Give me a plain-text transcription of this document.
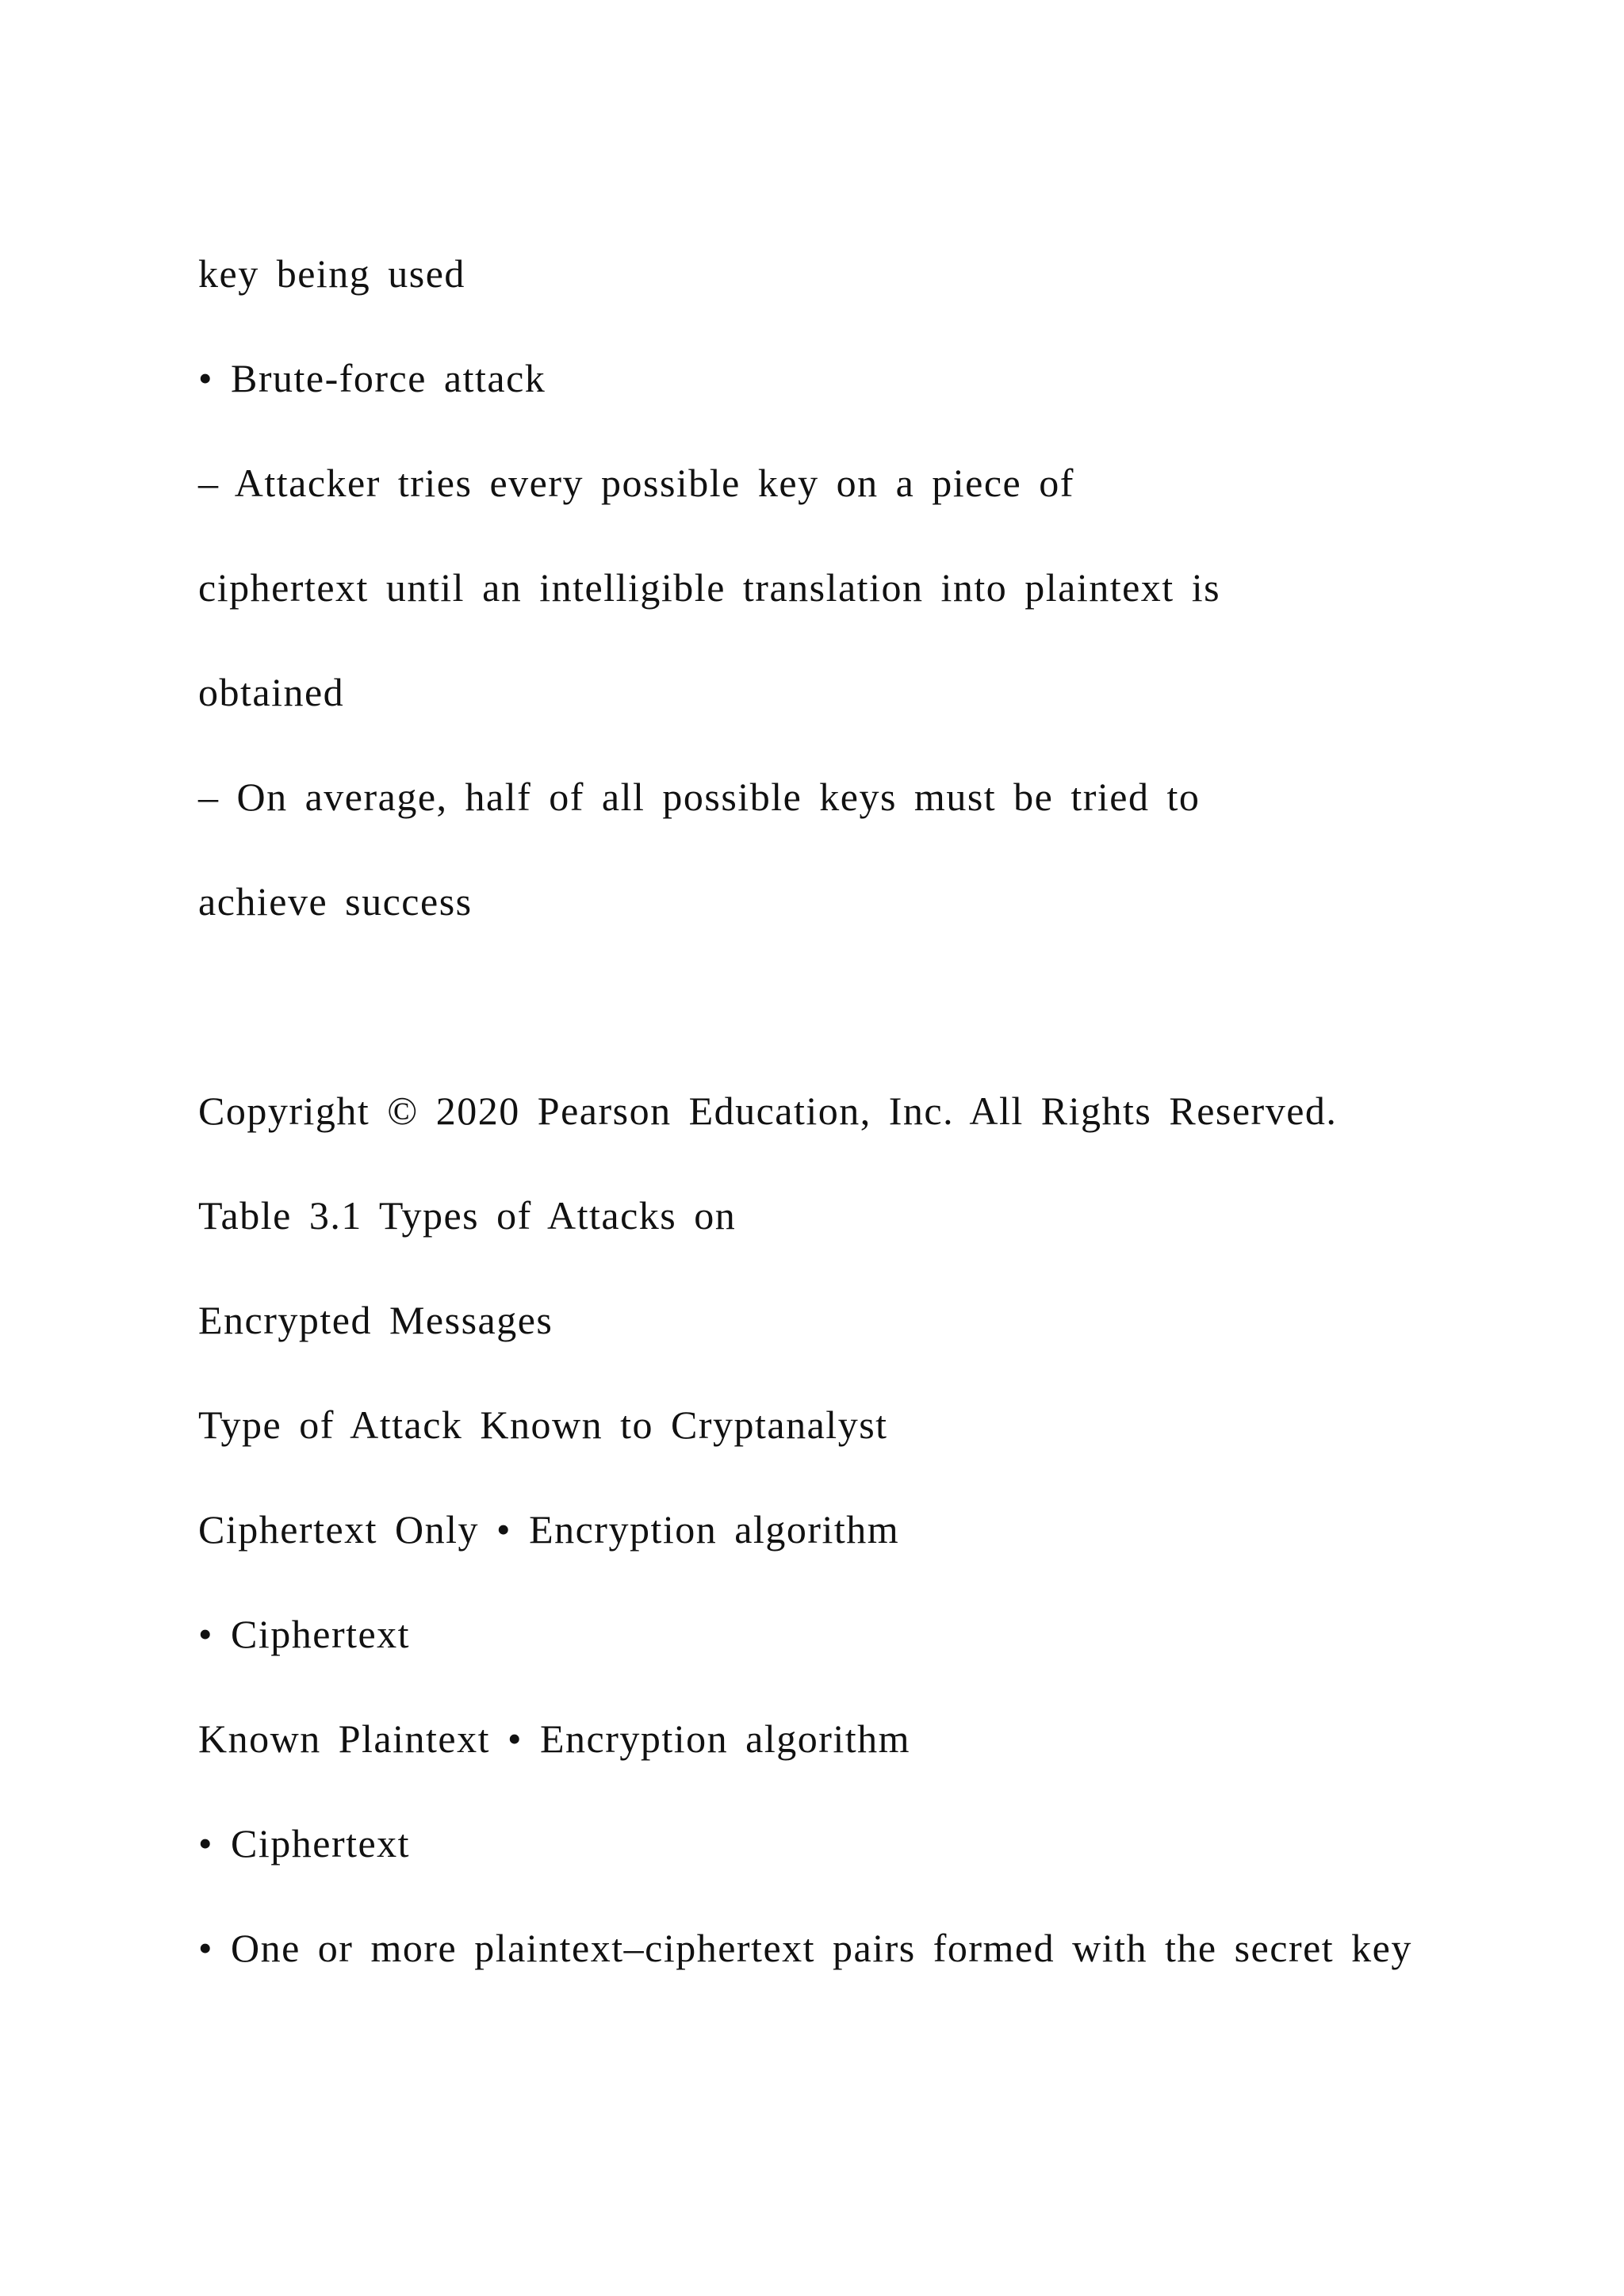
key being used

• Brute-force attack

– Attacker tries every possible key on a piece of

ciphertext until an intelligible translation into plaintext is

obtained

– On average, half of all possible keys must be tried to

achieve success

Copyright © 2020 Pearson Education, Inc. All Rights Reserved.

Table 3.1 Types of Attacks on

Encrypted Messages

Type of Attack Known to Cryptanalyst

Ciphertext Only • Encryption algorithm

• Ciphertext

Known Plaintext • Encryption algorithm

• Ciphertext

• One or more plaintext–ciphertext pairs formed with the secret key
